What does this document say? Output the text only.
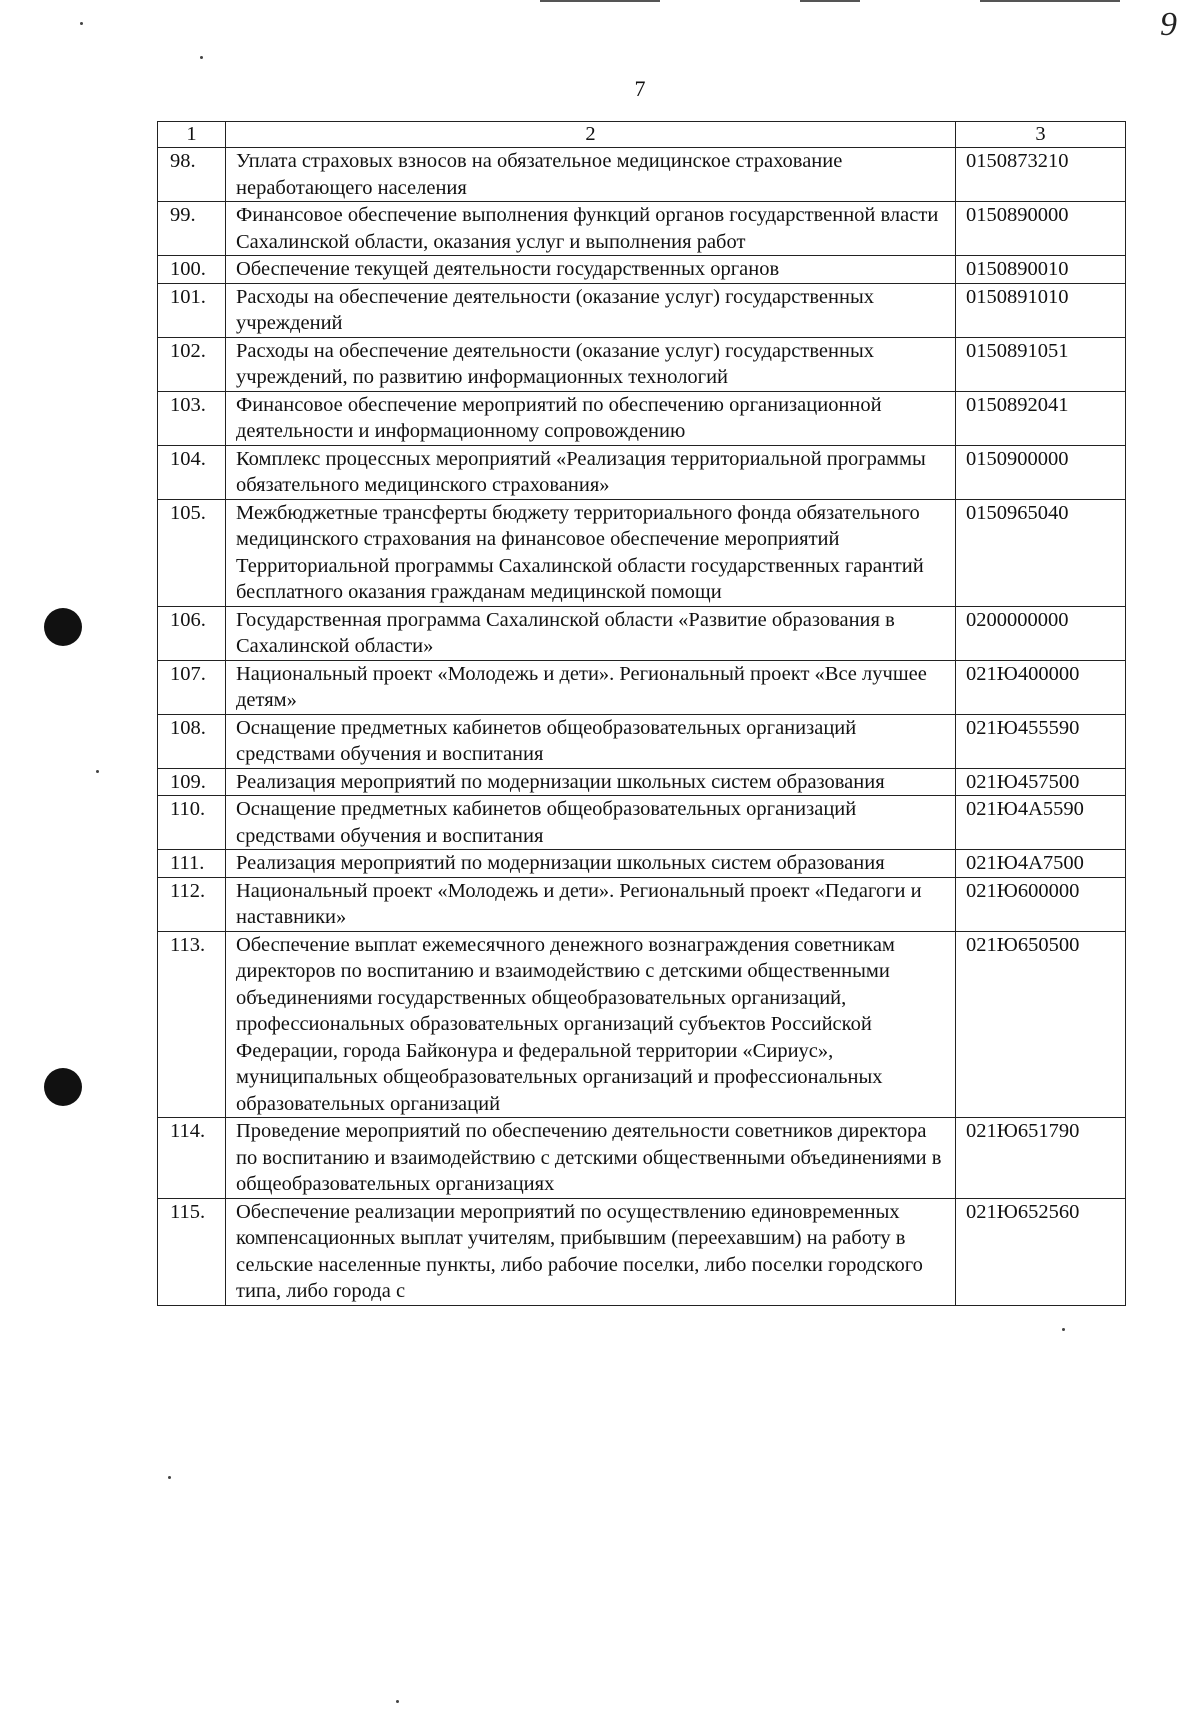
9
7
1	2	3
98.	Уплата страховых взносов на обязательное медицинское страхование неработающего населения	0150873210
99.	Финансовое обеспечение выполнения функций органов государственной власти Сахалинской области, оказания услуг и выполнения работ	0150890000
100.	Обеспечение текущей деятельности государственных органов	0150890010
101.	Расходы на обеспечение деятельности (оказание услуг) государственных учреждений	0150891010
102.	Расходы на обеспечение деятельности (оказание услуг) государственных учреждений, по развитию информационных технологий	0150891051
103.	Финансовое обеспечение мероприятий по обеспечению организационной деятельности и информационному сопровождению	0150892041
104.	Комплекс процессных мероприятий «Реализация территориальной программы обязательного медицинского страхования»	0150900000
105.	Межбюджетные трансферты бюджету территориального фонда обязательного медицинского страхования на финансовое обеспечение мероприятий Территориальной программы Сахалинской области государственных гарантий бесплатного оказания гражданам медицинской помощи	0150965040
106.	Государственная программа Сахалинской области «Развитие образования в Сахалинской области»	0200000000
107.	Национальный проект «Молодежь и дети». Региональный проект «Все лучшее детям»	021Ю400000
108.	Оснащение предметных кабинетов общеобразовательных организаций средствами обучения и воспитания	021Ю455590
109.	Реализация мероприятий по модернизации школьных систем образования	021Ю457500
110.	Оснащение предметных кабинетов общеобразовательных организаций средствами обучения и воспитания	021Ю4А5590
111.	Реализация мероприятий по модернизации школьных систем образования	021Ю4А7500
112.	Национальный проект «Молодежь и дети». Региональный проект «Педагоги и наставники»	021Ю600000
113.	Обеспечение выплат ежемесячного денежного вознаграждения советникам директоров по воспитанию и взаимодействию с детскими общественными объединениями государственных общеобразовательных организаций, профессиональных образовательных организаций субъектов Российской Федерации, города Байконура и федеральной территории «Сириус», муниципальных общеобразовательных организаций и профессиональных образовательных организаций	021Ю650500
114.	Проведение мероприятий по обеспечению деятельности советников директора по воспитанию и взаимодействию с детскими общественными объединениями в общеобразовательных организациях	021Ю651790
115.	Обеспечение реализации мероприятий по осуществлению единовременных компенсационных выплат учителям, прибывшим (переехавшим) на работу в сельские населенные пункты, либо рабочие поселки, либо поселки городского типа, либо города с	021Ю652560
